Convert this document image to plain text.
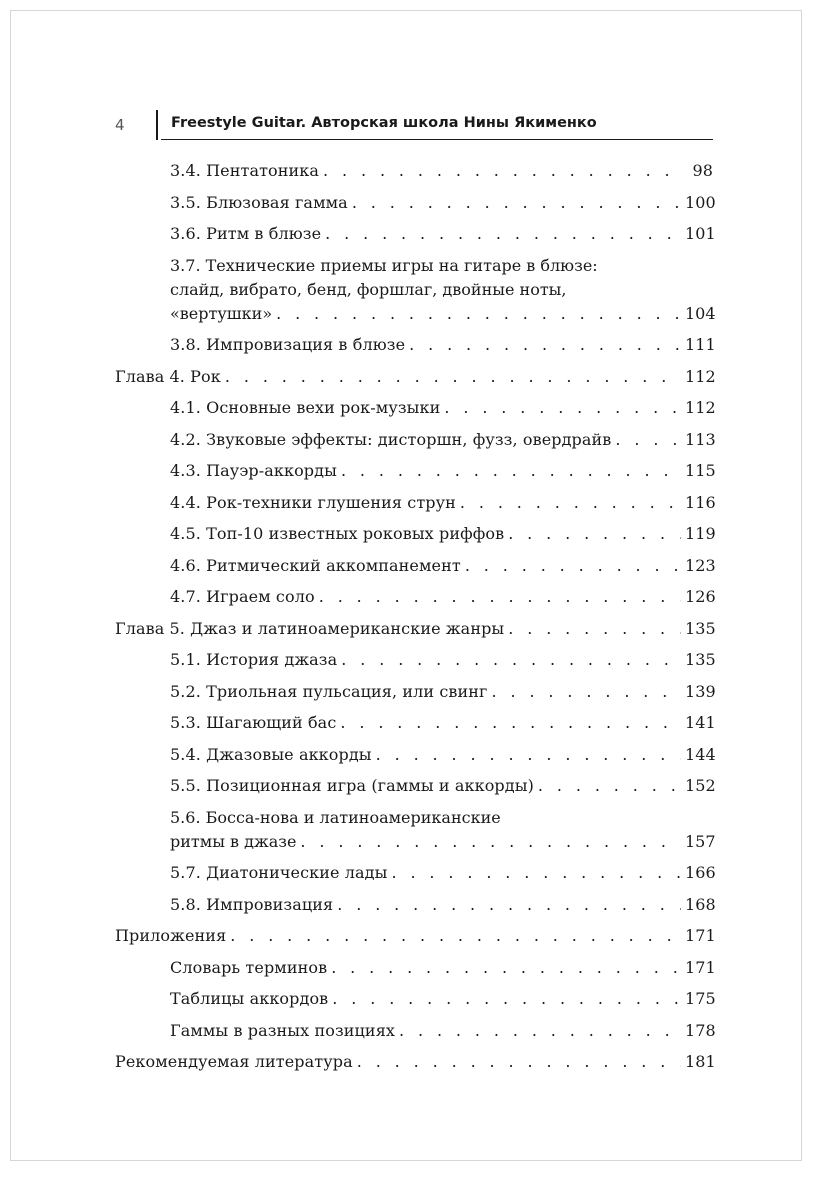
4	Freestyle Guitar. Авторская школа Нины Якименко
3.4. Пентатоника . . .	98
3.5. Блюзовая гамма . . .	100
3.6. Ритм в блюзе . . .	101
3.7. Технические приемы игры на гитаре в блюзе:
слайд, вибрато, бенд, форшлаг, двойные ноты,
«вертушки» . . .	104
3.8. Импровизация в блюзе . . .	111
Глава 4. Рок . . .	112
4.1. Основные вехи рок-музыки . . .	112
4.2. Звуковые эффекты: дисторшн, фузз, овердрайв . . .	113
4.3. Пауэр-аккорды . . .	115
4.4. Рок-техники глушения струн . . .	116
4.5. Топ-10 известных роковых риффов . . .	119
4.6. Ритмический аккомпанемент . . .	123
4.7. Играем соло . . .	126
Глава 5. Джаз и латиноамериканские жанры . . .	135
5.1. История джаза . . .	135
5.2. Триольная пульсация, или свинг . . .	139
5.3. Шагающий бас . . .	141
5.4. Джазовые аккорды . . .	144
5.5. Позиционная игра (гаммы и аккорды) . . .	152
5.6. Босса-нова и латиноамериканские
ритмы в джазе . . .	157
5.7. Диатонические лады . . .	166
5.8. Импровизация . . .	168
Приложения . . .	171
Словарь терминов . . .	171
Таблицы аккордов . . .	175
Гаммы в разных позициях . . .	178
Рекомендуемая литература . . .	181
